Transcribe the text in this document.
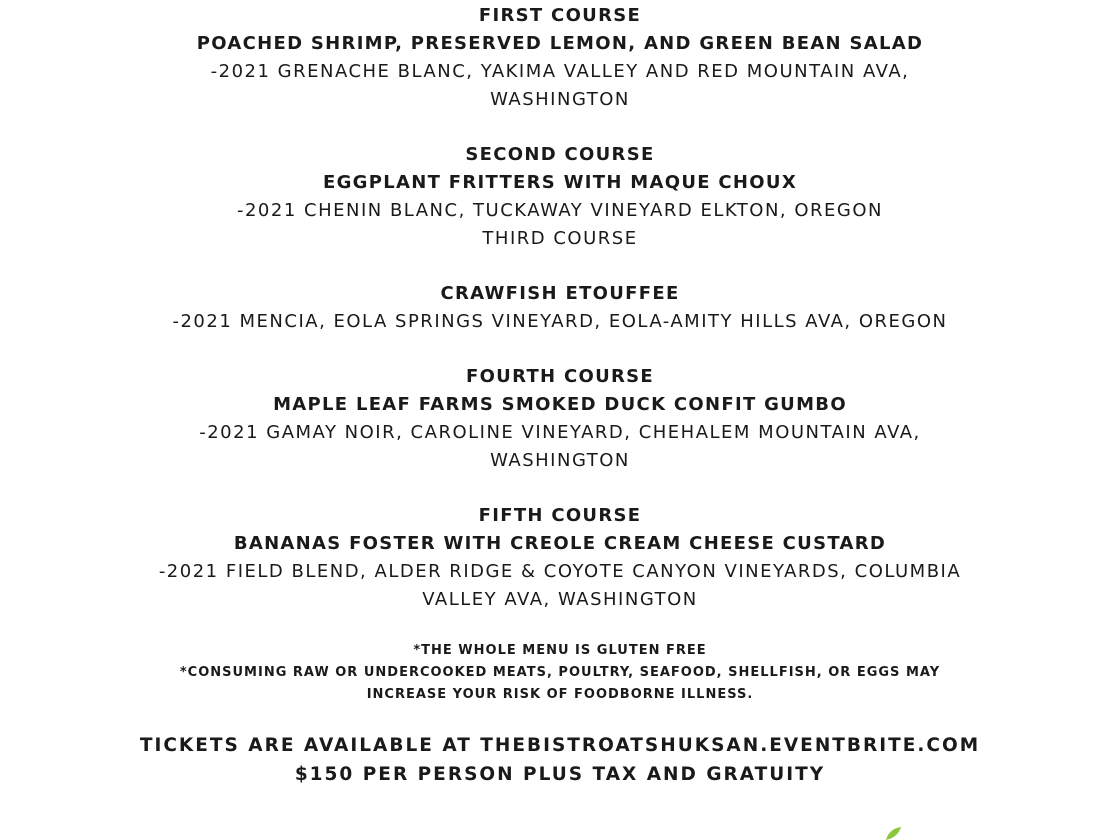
FIRST COURSE
POACHED SHRIMP, PRESERVED LEMON, AND GREEN BEAN SALAD
-2021 GRENACHE BLANC, YAKIMA VALLEY AND RED MOUNTAIN AVA,
WASHINGTON
SECOND COURSE
EGGPLANT FRITTERS WITH MAQUE CHOUX
-2021 CHENIN BLANC, TUCKAWAY VINEYARD ELKTON, OREGON
THIRD COURSE
CRAWFISH ETOUFFEE
-2021 MENCIA, EOLA SPRINGS VINEYARD, EOLA-AMITY HILLS AVA, OREGON
FOURTH COURSE
MAPLE LEAF FARMS SMOKED DUCK CONFIT GUMBO
-2021 GAMAY NOIR, CAROLINE VINEYARD, CHEHALEM MOUNTAIN AVA,
WASHINGTON
FIFTH COURSE
BANANAS FOSTER WITH CREOLE CREAM CHEESE CUSTARD
-2021 FIELD BLEND, ALDER RIDGE & COYOTE CANYON VINEYARDS, COLUMBIA
VALLEY AVA, WASHINGTON
*THE WHOLE MENU IS GLUTEN FREE
*CONSUMING RAW OR UNDERCOOKED MEATS, POULTRY, SEAFOOD, SHELLFISH, OR EGGS MAY
INCREASE YOUR RISK OF FOODBORNE ILLNESS.
TICKETS ARE AVAILABLE AT THEBISTROATSHUKSAN.EVENTBRITE.COM
$150 PER PERSON PLUS TAX AND GRATUITY
